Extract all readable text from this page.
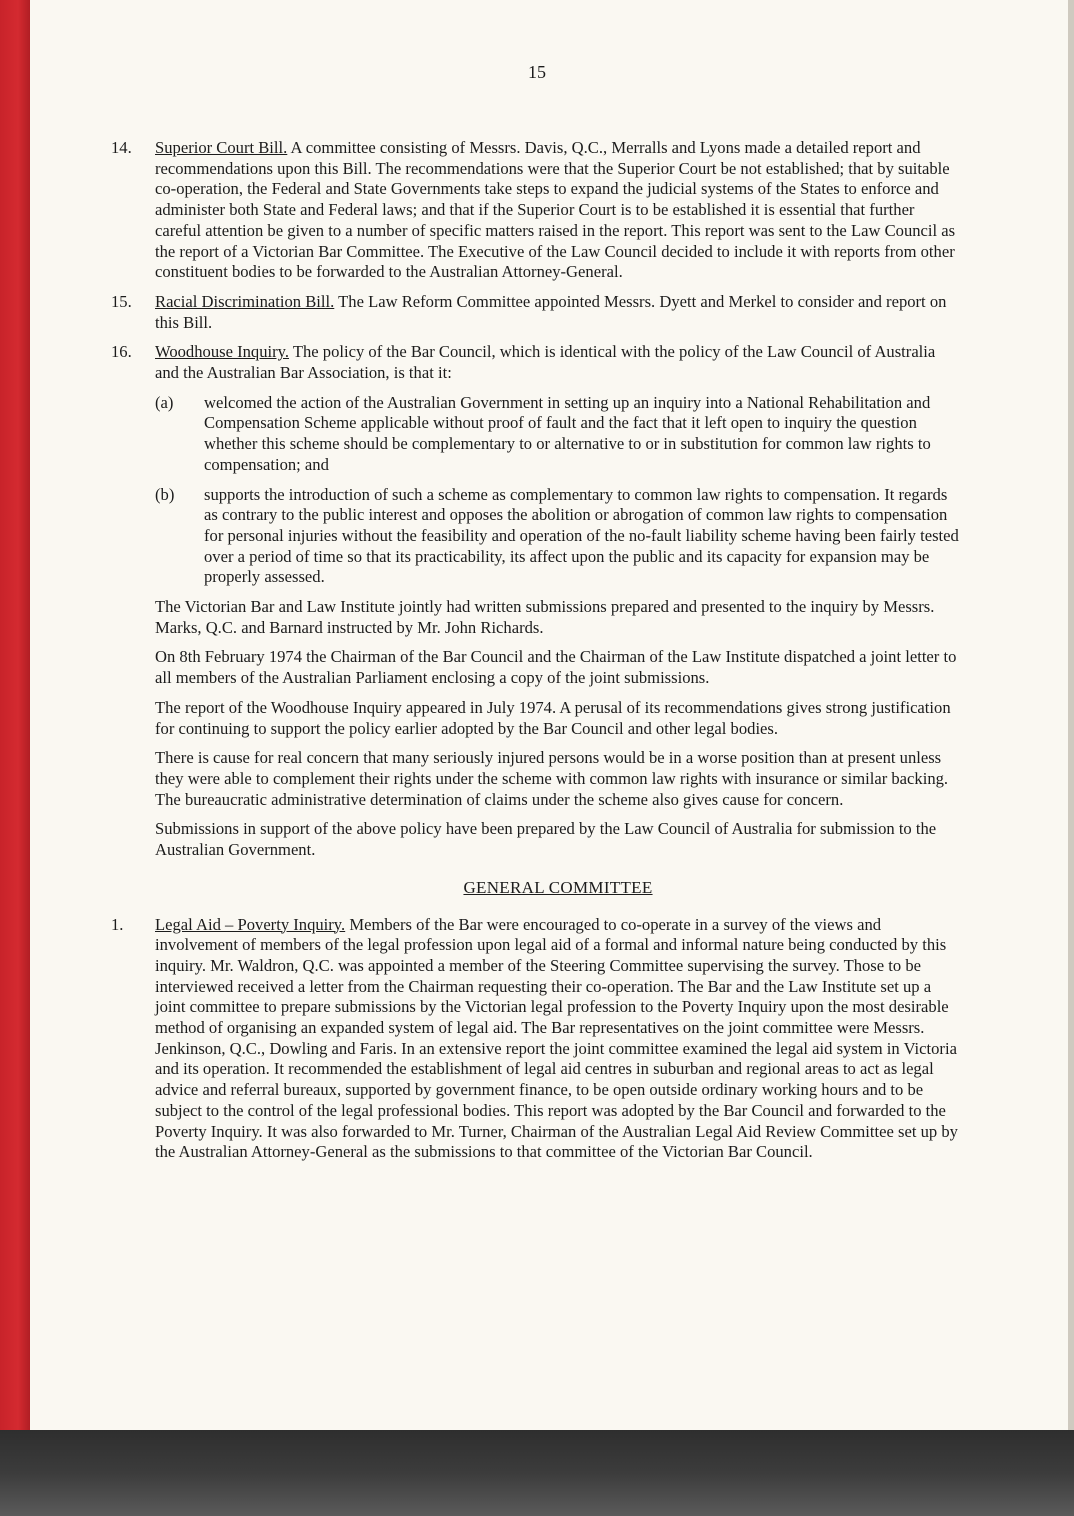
15
14. Superior Court Bill. A committee consisting of Messrs. Davis, Q.C., Merralls and Lyons made a detailed report and recommendations upon this Bill. The recommendations were that the Superior Court be not established; that by suitable co-operation, the Federal and State Governments take steps to expand the judicial systems of the States to enforce and administer both State and Federal laws; and that if the Superior Court is to be established it is essential that further careful attention be given to a number of specific matters raised in the report. This report was sent to the Law Council as the report of a Victorian Bar Committee. The Executive of the Law Council decided to include it with reports from other constituent bodies to be forwarded to the Australian Attorney-General.
15. Racial Discrimination Bill. The Law Reform Committee appointed Messrs. Dyett and Merkel to consider and report on this Bill.
16. Woodhouse Inquiry. The policy of the Bar Council, which is identical with the policy of the Law Council of Australia and the Australian Bar Association, is that it:
(a) welcomed the action of the Australian Government in setting up an inquiry into a National Rehabilitation and Compensation Scheme applicable without proof of fault and the fact that it left open to inquiry the question whether this scheme should be complementary to or alternative to or in substitution for common law rights to compensation; and
(b) supports the introduction of such a scheme as complementary to common law rights to compensation. It regards as contrary to the public interest and opposes the abolition or abrogation of common law rights to compensation for personal injuries without the feasibility and operation of the no-fault liability scheme having been fairly tested over a period of time so that its practicability, its affect upon the public and its capacity for expansion may be properly assessed.

The Victorian Bar and Law Institute jointly had written submissions prepared and presented to the inquiry by Messrs. Marks, Q.C. and Barnard instructed by Mr. John Richards.

On 8th February 1974 the Chairman of the Bar Council and the Chairman of the Law Institute dispatched a joint letter to all members of the Australian Parliament enclosing a copy of the joint submissions.

The report of the Woodhouse Inquiry appeared in July 1974. A perusal of its recommendations gives strong justification for continuing to support the policy earlier adopted by the Bar Council and other legal bodies.

There is cause for real concern that many seriously injured persons would be in a worse position than at present unless they were able to complement their rights under the scheme with common law rights with insurance or similar backing. The bureaucratic administrative determination of claims under the scheme also gives cause for concern.

Submissions in support of the above policy have been prepared by the Law Council of Australia for submission to the Australian Government.

GENERAL COMMITTEE
1. Legal Aid – Poverty Inquiry. Members of the Bar were encouraged to co-operate in a survey of the views and involvement of members of the legal profession upon legal aid of a formal and informal nature being conducted by this inquiry. Mr. Waldron, Q.C. was appointed a member of the Steering Committee supervising the survey. Those to be interviewed received a letter from the Chairman requesting their co-operation. The Bar and the Law Institute set up a joint committee to prepare submissions by the Victorian legal profession to the Poverty Inquiry upon the most desirable method of organising an expanded system of legal aid. The Bar representatives on the joint committee were Messrs. Jenkinson, Q.C., Dowling and Faris. In an extensive report the joint committee examined the legal aid system in Victoria and its operation. It recommended the establishment of legal aid centres in suburban and regional areas to act as legal advice and referral bureaux, supported by government finance, to be open outside ordinary working hours and to be subject to the control of the legal professional bodies. This report was adopted by the Bar Council and forwarded to the Poverty Inquiry. It was also forwarded to Mr. Turner, Chairman of the Australian Legal Aid Review Committee set up by the Australian Attorney-General as the submissions to that committee of the Victorian Bar Council.
